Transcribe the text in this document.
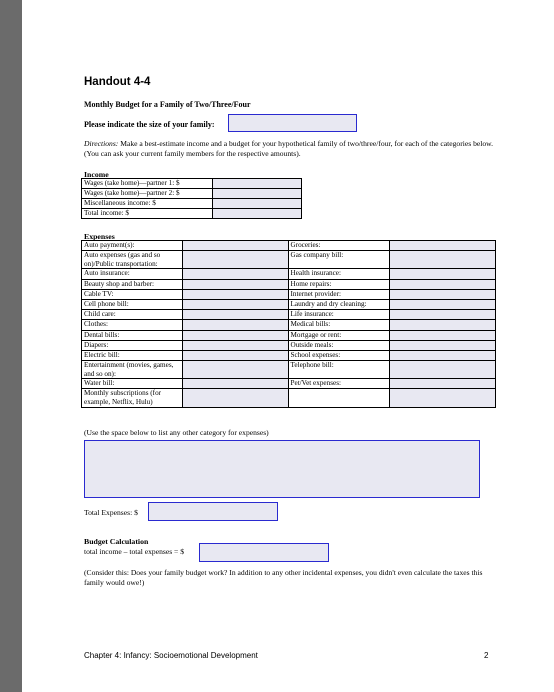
Handout 4-4
Monthly Budget for a Family of Two/Three/Four
Please indicate the size of your family:
Directions: Make a best-estimate income and a budget for your hypothetical family of two/three/four, for each of the categories below. (You can ask your current family members for the respective amounts).
Income
Wages (take home)—partner 1: $	
Wages (take home)—partner 2: $	
Miscellaneous income: $	
Total income: $	
Expenses
Auto payment(s):		Groceries:	
Auto expenses (gas and so on)/Public transportation:		Gas company bill:	
Auto insurance:		Health insurance:	
Beauty shop and barber:		Home repairs:	
Cable TV:		Internet provider:	
Cell phone bill:		Laundry and dry cleaning:	
Child care:		Life insurance:	
Clothes:		Medical bills:	
Dental bills:		Mortgage or rent:	
Diapers:		Outside meals:	
Electric bill:		School expenses:	
Entertainment (movies, games, and so on):		Telephone bill:	
Water bill:		Pet/Vet expenses:	
Monthly subscriptions (for example, Netflix, Hulu)			
(Use the space below to list any other category for expenses)
Total Expenses: $
Budget Calculation
total income – total expenses = $
(Consider this: Does your family budget work? In addition to any other incidental expenses, you didn't even calculate the taxes this family would owe!)
Chapter 4: Infancy: Socioemotional Development	2
